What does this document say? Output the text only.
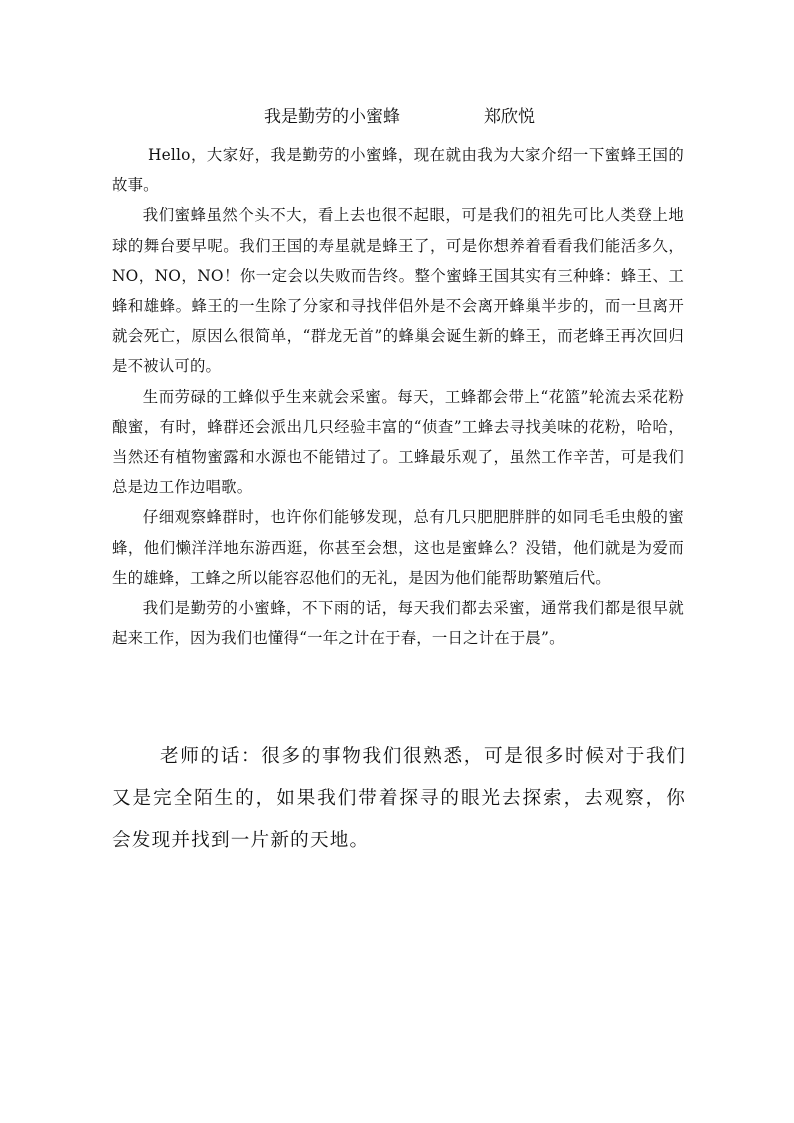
我是勤劳的小蜜蜂	郑欣悦

Hello，大家好，我是勤劳的小蜜蜂，现在就由我为大家介绍一下蜜蜂王国的故事。

我们蜜蜂虽然个头不大，看上去也很不起眼，可是我们的祖先可比人类登上地球的舞台要早呢。我们王国的寿星就是蜂王了，可是你想养着看看我们能活多久，NO，NO，NO！你一定会以失败而告终。整个蜜蜂王国其实有三种蜂：蜂王、工蜂和雄蜂。蜂王的一生除了分家和寻找伴侣外是不会离开蜂巢半步的，而一旦离开就会死亡，原因么很简单，“群龙无首”的蜂巢会诞生新的蜂王，而老蜂王再次回归是不被认可的。

生而劳碌的工蜂似乎生来就会采蜜。每天，工蜂都会带上“花篮”轮流去采花粉酿蜜，有时，蜂群还会派出几只经验丰富的“侦查”工蜂去寻找美味的花粉，哈哈，当然还有植物蜜露和水源也不能错过了。工蜂最乐观了，虽然工作辛苦，可是我们总是边工作边唱歌。

仔细观察蜂群时，也许你们能够发现，总有几只肥肥胖胖的如同毛毛虫般的蜜蜂，他们懒洋洋地东游西逛，你甚至会想，这也是蜜蜂么？没错，他们就是为爱而生的雄蜂，工蜂之所以能容忍他们的无礼，是因为他们能帮助繁殖后代。

我们是勤劳的小蜜蜂，不下雨的话，每天我们都去采蜜，通常我们都是很早就起来工作，因为我们也懂得“一年之计在于春，一日之计在于晨”。

老师的话：很多的事物我们很熟悉，可是很多时候对于我们又是完全陌生的，如果我们带着探寻的眼光去探索，去观察，你会发现并找到一片新的天地。
